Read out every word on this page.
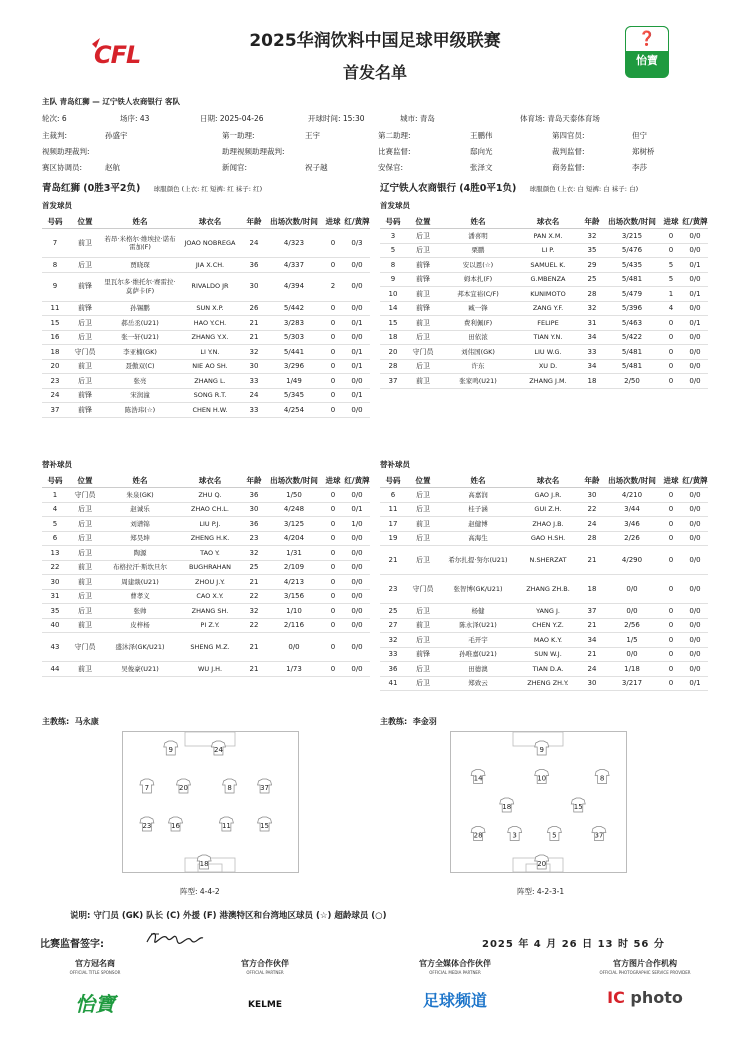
CFL	2025华润饮料中国足球甲级联赛
首发名单
❓
怡寶
主队 青岛红狮 — 辽宁铁人农商银行 客队
轮次: 6	场序: 43	日期: 2025-04-26	开球时间: 15:30	城市: 青岛	体育场: 青岛天泰体育场
主裁判:	孙盛宇	第一助理:	王宇	第二助理:	王鹏伟	第四官员:	但宁
视频助理裁判:	助理视频助理裁判:	比赛监督:	邸向光	裁判监督:	郑树桥
赛区协调员:	赵航	新闻官:	祝子越	安保官:	张泽文	商务监督:	李莎
青岛红狮 (0胜3平2负) 球服颜色 (上衣: 红 短裤: 红 袜子: 红)	辽宁铁人农商银行 (4胜0平1负) 球服颜色 (上衣: 白 短裤: 白 袜子: 白)
首发球员	首发球员
号码	位置	姓名	球衣名	年龄	出场次数/时间	进球	红/黄牌
7	前卫	若昂·米格尔·维埃拉·诺布雷加(F)	JOAO NOBREGA	24	4/323	0	0/3
8	后卫	贾晓琛	JIA X.CH.	36	4/337	0	0/0
9	前锋	里瓦尔多·维托尔·赛雷拉·莫萨卡(F)	RIVALDO JR	30	4/394	2	0/0
11	前锋	孙锡鹏	SUN X.P.	26	5/442	0	0/0
15	后卫	郝岳丞(U21)	HAO Y.CH.	21	3/283	0	0/1
16	后卫	张一轩(U21)	ZHANG Y.X.	21	5/303	0	0/0
18	守门员	李亚楠(GK)	LI Y.N.	32	5/441	0	0/1
20	前卫	聂傲双(C)	NIE AO SH.	30	3/296	0	0/1
23	后卫	张亮	ZHANG L.	33	1/49	0	0/0
24	前锋	宋润潼	SONG R.T.	24	5/345	0	0/1
37	前锋	陈浩玮(☆)	CHEN H.W.	33	4/254	0	0/0
号码	位置	姓名	球衣名	年龄	出场次数/时间	进球	红/黄牌
3	后卫	潘喜明	PAN X.M.	32	3/215	0	0/0
5	后卫	栗鹏	LI P.	35	5/476	0	0/0
8	前锋	安以恩(☆)	SAMUEL K.	29	5/435	5	0/1
9	前锋	姆本扎(F)	G.MBENZA	25	5/481	5	0/0
10	前卫	邦本宜裕(C/F)	KUNIMOTO	28	5/479	1	0/1
14	前锋	臧一锋	ZANG Y.F.	32	5/396	4	0/0
15	前卫	费利佩(F)	FELIPE	31	5/463	0	0/1
18	后卫	田依浓	TIAN Y.N.	34	5/422	0	0/0
20	守门员	刘伟国(GK)	LIU W.G.	33	5/481	0	0/0
28	后卫	许东	XU D.	34	5/481	0	0/0
37	前卫	张家鸣(U21)	ZHANG J.M.	18	2/50	0	0/0
替补球员	替补球员
号码	位置	姓名	球衣名	年龄	出场次数/时间	进球	红/黄牌
1	守门员	朱泉(GK)	ZHU Q.	36	1/50	0	0/0
4	后卫	赵诚乐	ZHAO CH.L.	30	4/248	0	0/1
5	后卫	刘谱锦	LIU P.J.	36	3/125	0	1/0
6	后卫	郑昊坤	ZHENG H.K.	23	4/204	0	0/0
13	后卫	陶源	TAO Y.	32	1/31	0	0/0
22	前卫	布格拉汗·斯坎旦尔	BUGHRAHAN	25	2/109	0	0/0
30	前卫	周建燚(U21)	ZHOU J.Y.	21	4/213	0	0/0
31	后卫	曹孝义	CAO X.Y.	22	3/156	0	0/0
35	后卫	张帅	ZHANG SH.	32	1/10	0	0/0
40	前卫	皮梓杨	PI Z.Y.	22	2/116	0	0/0
43	守门员	盛沐泽(GK/U21)	SHENG M.Z.	21	0/0	0	0/0
44	前卫	吴俊豪(U21)	WU J.H.	21	1/73	0	0/0
号码	位置	姓名	球衣名	年龄	出场次数/时间	进球	红/黄牌
6	后卫	高嘉润	GAO J.R.	30	4/210	0	0/0
11	后卫	桂子涵	GUI Z.H.	22	3/44	0	0/0
17	前卫	赵健博	ZHAO J.B.	24	3/46	0	0/0
19	后卫	高海生	GAO H.SH.	28	2/26	0	0/0
21	后卫	希尔扎提·努尔(U21)	N.SHERZAT	21	4/290	0	0/0
23	守门员	张智博(GK/U21)	ZHANG ZH.B.	18	0/0	0	0/0
25	后卫	杨健	YANG J.	37	0/0	0	0/0
27	前卫	陈永泽(U21)	CHEN Y.Z.	21	2/56	0	0/0
32	后卫	毛开宇	MAO K.Y.	34	1/5	0	0/0
33	前锋	孙唯嘉(U21)	SUN W.J.	21	0/0	0	0/0
36	后卫	田德澳	TIAN D.A.	24	1/18	0	0/0
41	后卫	郑致云	ZHENG ZH.Y.	30	3/217	0	0/1
主教练: 马永康	主教练: 李金羽
9	24
7	20	8	37
23	16	11	15
18
9
14	10	8
18	15
28	3	5	37
20
阵型: 4-4-2	阵型: 4-2-3-1
说明: 守门员 (GK) 队长 (C) 外援 (F) 港澳特区和台湾地区球员 (☆) 超龄球员 (○)
比赛监督签字:	2025 年 4 月 26 日 13 时 56 分
官方冠名商
OFFICIAL TITLE SPONSOR
怡寶
官方合作伙伴
OFFICIAL PARTNER
KELME
官方全媒体合作伙伴
OFFICIAL MEDIA PARTNER
足球频道
官方图片合作机构
OFFICIAL PHOTOGRAPHIC SERVICE PROVIDER
IC photo
